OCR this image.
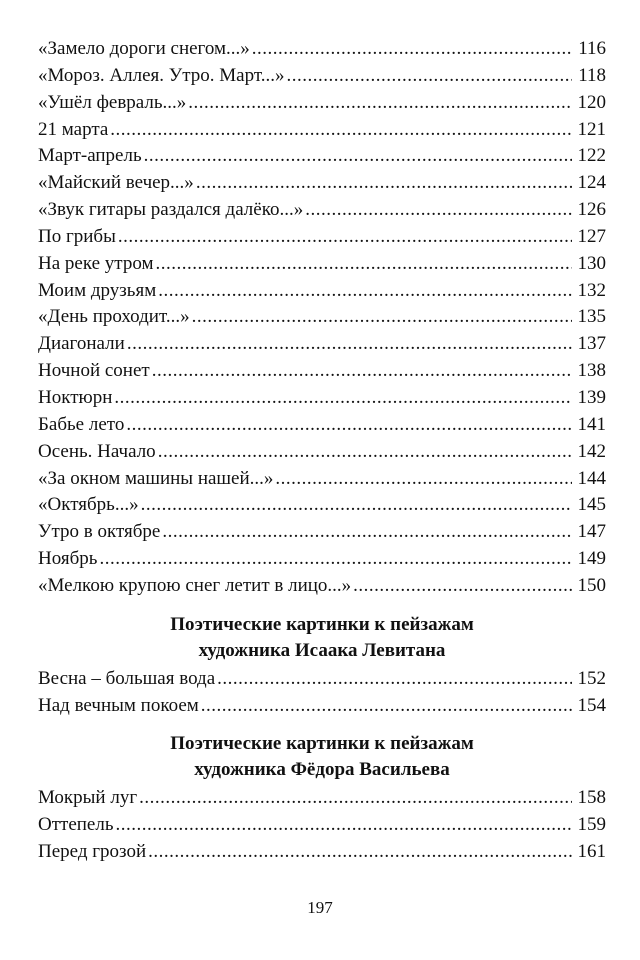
«Замело дороги снегом...» .....	116
«Мороз. Аллея. Утро. Март...» .....	118
«Ушёл февраль...» .....	120
21 марта .....	121
Март-апрель .....	122
«Майский вечер...» .....	124
«Звук гитары раздался далёко...» .....	126
По грибы .....	127
На реке утром .....	130
Моим друзьям .....	132
«День проходит...» .....	135
Диагонали .....	137
Ночной сонет .....	138
Ноктюрн .....	139
Бабье лето .....	141
Осень. Начало .....	142
«За окном машины нашей...» .....	144
«Октябрь...» .....	145
Утро в октябре .....	147
Ноябрь .....	149
«Мелкою крупою снег летит в лицо...» .....	150
Поэтические картинки к пейзажам
художника Исаака Левитана
Весна – большая вода .....	152
Над вечным покоем .....	154
Поэтические картинки к пейзажам
художника Фёдора Васильева
Мокрый луг .....	158
Оттепель .....	159
Перед грозой .....	161
197
